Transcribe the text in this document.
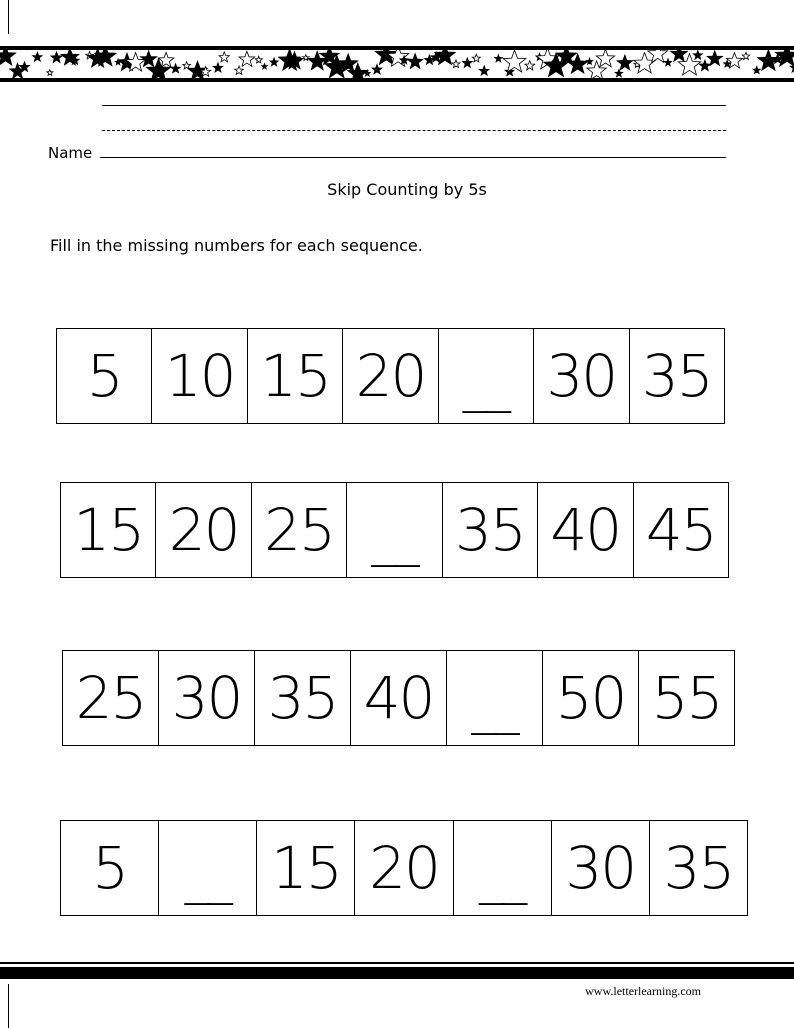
Name
Skip Counting by 5s
Fill in the missing numbers for each sequence.
5 10 15 20 __ 30 35
15 20 25 __ 35 40 45
25 30 35 40 __ 50 55
5	__ 15 20 __ 30 35
www.letterlearning.com
